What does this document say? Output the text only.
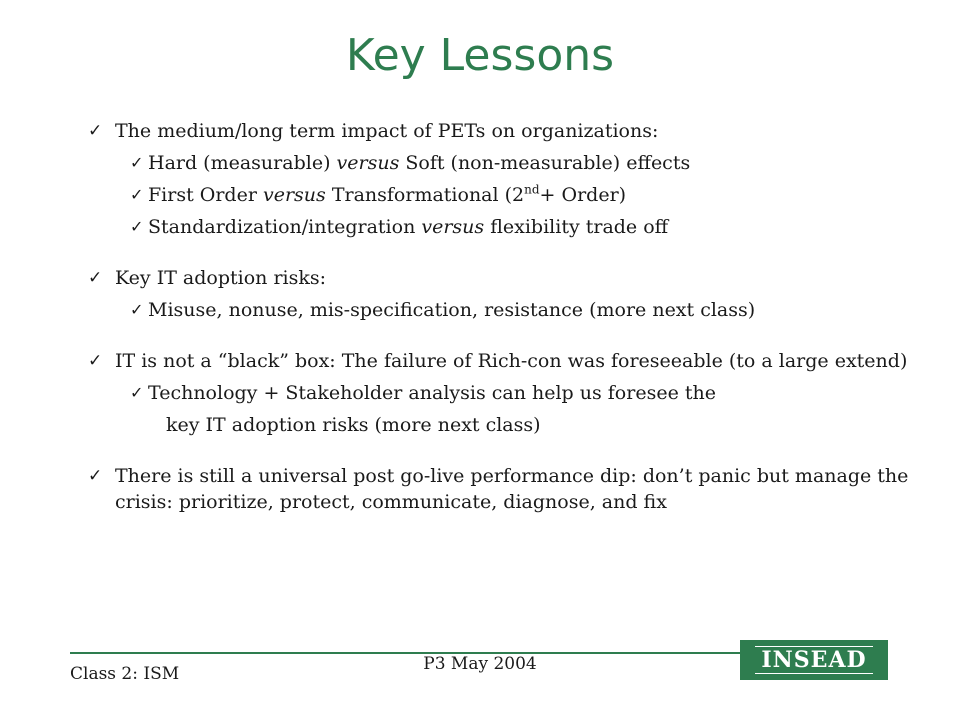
Key Lessons
✓ The medium/long term impact of PETs on organizations:
✓ Hard (measurable) versus Soft (non-measurable) effects
✓ First Order versus Transformational (2nd+ Order)
✓ Standardization/integration versus flexibility trade off
✓ Key IT adoption risks:
✓ Misuse, nonuse, mis-specification, resistance (more next class)
✓ IT is not a “black” box: The failure of Rich-con was foreseeable (to a large extend)
✓ Technology + Stakeholder analysis can help us foresee the
key IT adoption risks (more next class)
✓ There is still a universal post go-live performance dip: don’t panic but manage the crisis: prioritize, protect, communicate, diagnose, and fix
Class 2: ISM	P3 May 2004	INSEAD
